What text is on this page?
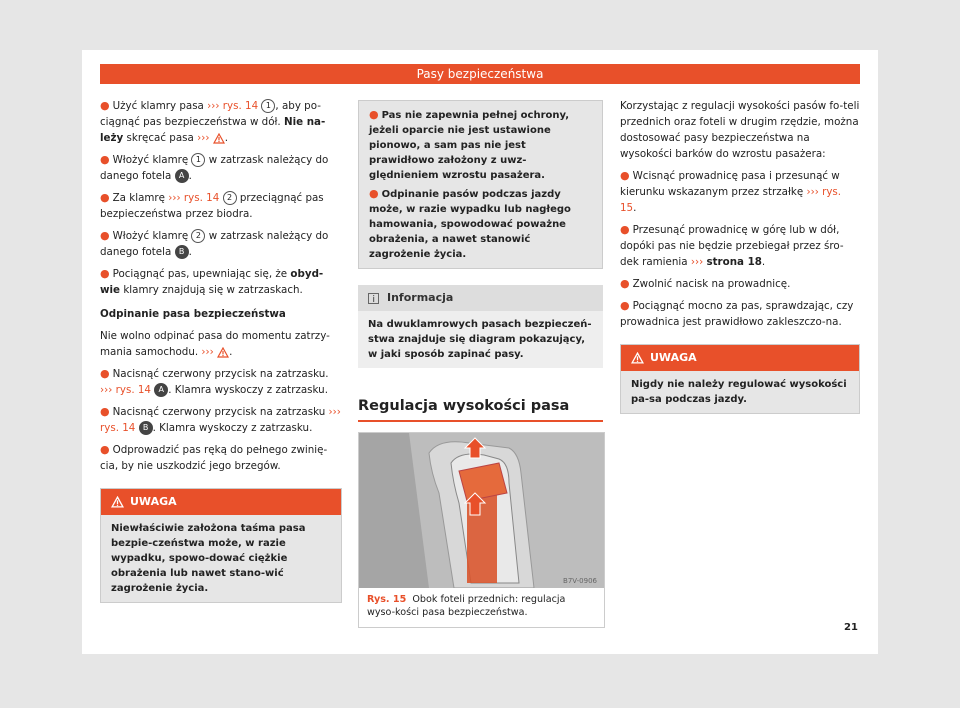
Pasy bezpieczeństwa

● Użyć klamry pasa ››› rys. 14 1 , aby po-ciągnąć pas bezpieczeństwa w dół. Nie na-leży skręcać pasa ››› .

● Włożyć klamrę 1 w zatrzask należący do danego fotela A .

● Za klamrę ››› rys. 14 2 przeciągnąć pas bezpieczeństwa przez biodra.

● Włożyć klamrę 2 w zatrzask należący do danego fotela B .

● Pociągnąć pas, upewniając się, że obyd-wie klamry znajdują się w zatrzaskach.

Odpinanie pasa bezpieczeństwa

Nie wolno odpinać pasa do momentu zatrzy-mania samochodu. ››› .

● Nacisnąć czerwony przycisk na zatrzasku. ››› rys. 14 A . Klamra wyskoczy z zatrzasku.

● Nacisnąć czerwony przycisk na zatrzasku ››› rys. 14 B . Klamra wyskoczy z zatrzasku.

● Odprowadzić pas ręką do pełnego zwinię-cia, by nie uszkodzić jego brzegów.

UWAGA
Niewłaściwie założona taśma pasa bezpie-czeństwa może, w razie wypadku, spowo-dować ciężkie obrażenia lub nawet stano-wić zagrożenie życia.
● Pas nie zapewnia pełnej ochrony, jeżeli oparcie nie jest ustawione pionowo, a sam pas nie jest prawidłowo założony z uwz-ględnieniem wzrostu pasażera.
● Odpinanie pasów podczas jazdy może, w razie wypadku lub nagłego hamowania, spowodować poważne obrażenia, a nawet stanowić zagrożenie życia.
Informacja
Na dwuklamrowych pasach bezpieczeń-stwa znajduje się diagram pokazujący, w jaki sposób zapinać pasy.
Regulacja wysokości pasa
B7V-0906
Rys. 15 Obok foteli przednich: regulacja wyso-kości pasa bezpieczeństwa.

Korzystając z regulacji wysokości pasów fo-teli przednich oraz foteli w drugim rzędzie, można dostosować pasy bezpieczeństwa na wysokości barków do wzrostu pasażera:

● Wcisnąć prowadnicę pasa i przesunąć w kierunku wskazanym przez strzałkę ››› rys. 15.

● Przesunąć prowadnicę w górę lub w dół, dopóki pas nie będzie przebiegał przez śro-dek ramienia ››› strona 18.

● Zwolnić nacisk na prowadnicę.

● Pociągnąć mocno za pas, sprawdzając, czy prowadnica jest prawidłowo zakleszczo-na.

UWAGA
Nigdy nie należy regulować wysokości pa-sa podczas jazdy.
21
